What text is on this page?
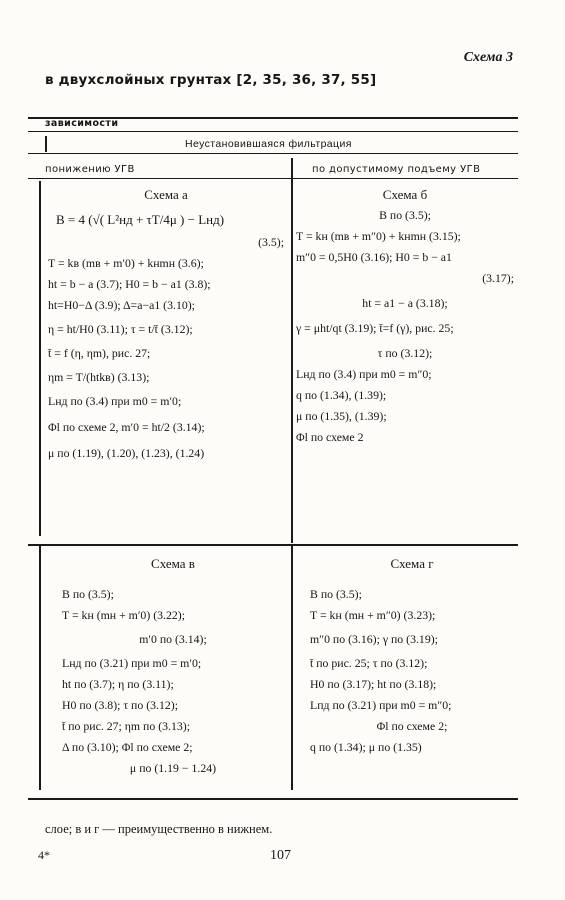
Схема 3
в двухслойных грунтах [2, 35, 36, 37, 55]
зависимости
Неустановившаяся фильтрация
понижению УГВ	по допустимому подъему УГВ
Схема а
B = 4 (√( L²нд + τT/4μ ) − Lнд)
(3.5);
T = kв (mв + m′0) + kнmн (3.6);
ht = b − a (3.7); H0 = b − a1 (3.8);
ht=H0−Δ (3.9); Δ=a−a1 (3.10);
η = ht/H0 (3.11); τ = t/t̄ (3.12);
t̄ = f (η, ηm), рис. 27;
ηm = T/(htkв) (3.13);
Lнд по (3.4) при m0 = m′0;
Φl по схеме 2, m′0 = ht/2 (3.14);
μ по (1.19), (1.20), (1.23), (1.24)
Схема б
B по (3.5);
T = kн (mв + m″0) + kнmн (3.15);
m″0 = 0,5H0 (3.16); H0 = b − a1
(3.17);
ht = a1 − a (3.18);
γ = μht/qt (3.19); t̄=f (γ), рис. 25;
τ по (3.12);
Lнд по (3.4) при m0 = m″0;
q по (1.34), (1.39);
μ по (1.35), (1.39);
Φl по схеме 2
Схема в
B по (3.5);
T = kн (mн + m′0) (3.22);
m′0 по (3.14);
Lнд по (3.21) при m0 = m′0;
ht по (3.7); η по (3.11);
H0 по (3.8); τ по (3.12);
t̄ по рис. 27; ηm по (3.13);
Δ по (3.10); Φl по схеме 2;
μ по (1.19 − 1.24)
Схема г
B по (3.5);
T = kн (mн + m″0) (3.23);
m″0 по (3.16); γ по (3.19);
t̄ по рис. 25; τ по (3.12);
H0 по (3.17); ht по (3.18);
Lпд по (3.21) при m0 = m″0;
Φl по схеме 2;
q по (1.34); μ по (1.35)
слое; в и г — преимущественно в нижнем.
4*	107
